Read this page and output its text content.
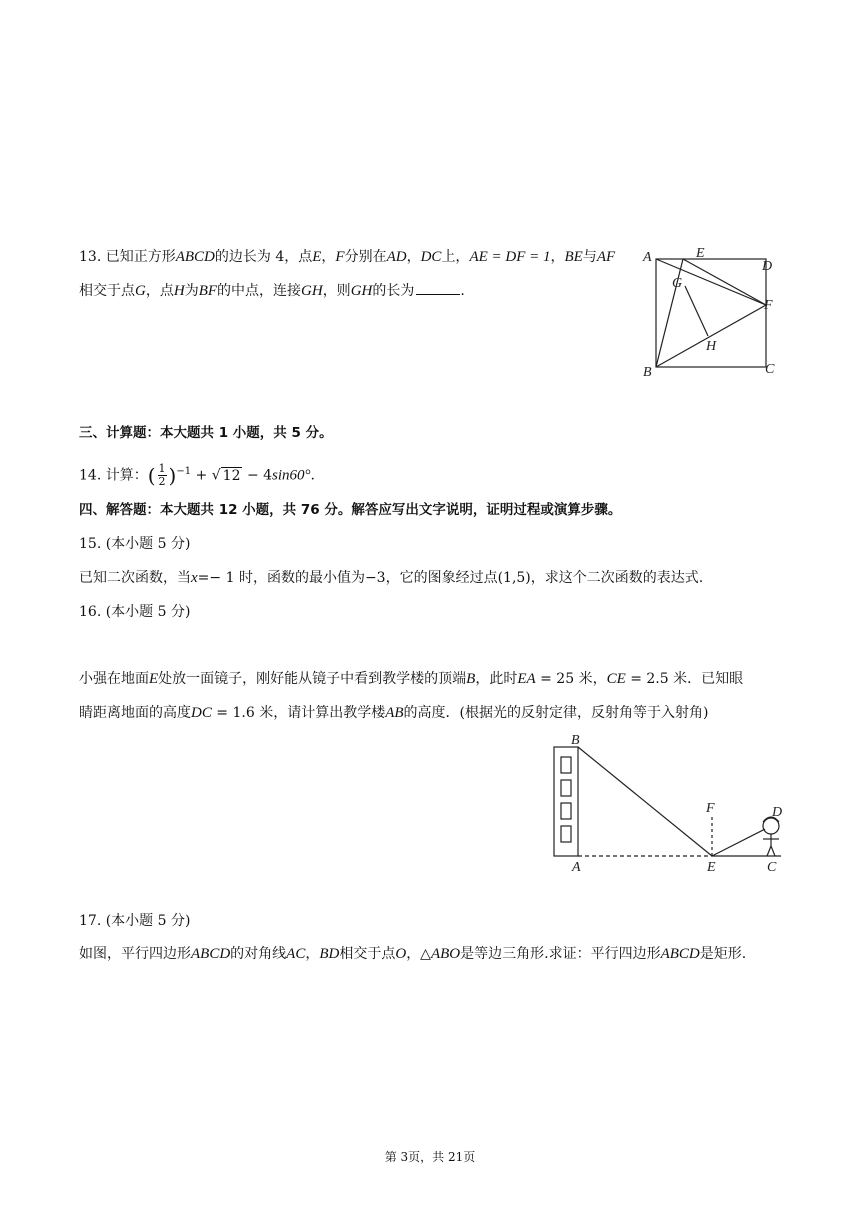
13. 已知正方形ABCD的边长为 4，点E，F分别在AD，DC上，AE = DF = 1，BE与AF
相交于点G，点H为BF的中点，连接GH，则GH的长为	.
A	E
D
G
F
H
B	C
三、计算题：本大题共 1 小题，共 5 分。
14. 计算：( $\frac{1}{2} )^{-1}$ + √ 12 − 4sin60°.
四、解答题：本大题共 12 小题，共 76 分。解答应写出文字说明，证明过程或演算步骤。
15. (本小题 5 分)
已知二次函数，当x=− 1 时，函数的最小值为−3，它的图象经过点(1,5)，求这个二次函数的表达式.
16. (本小题 5 分)
小强在地面E处放一面镜子，刚好能从镜子中看到教学楼的顶端B，此时EA = 25 米，CE = 2.5 米．已知眼
睛距离地面的高度DC = 1.6 米，请计算出教学楼AB的高度．(根据光的反射定律，反射角等于入射角)
B
F	D
A	E	C
17. (本小题 5 分)
如图，平行四边形ABCD的对角线AC，BD相交于点O，△ABO是等边三角形.求证：平行四边形ABCD是矩形.
第 3页，共 21页
